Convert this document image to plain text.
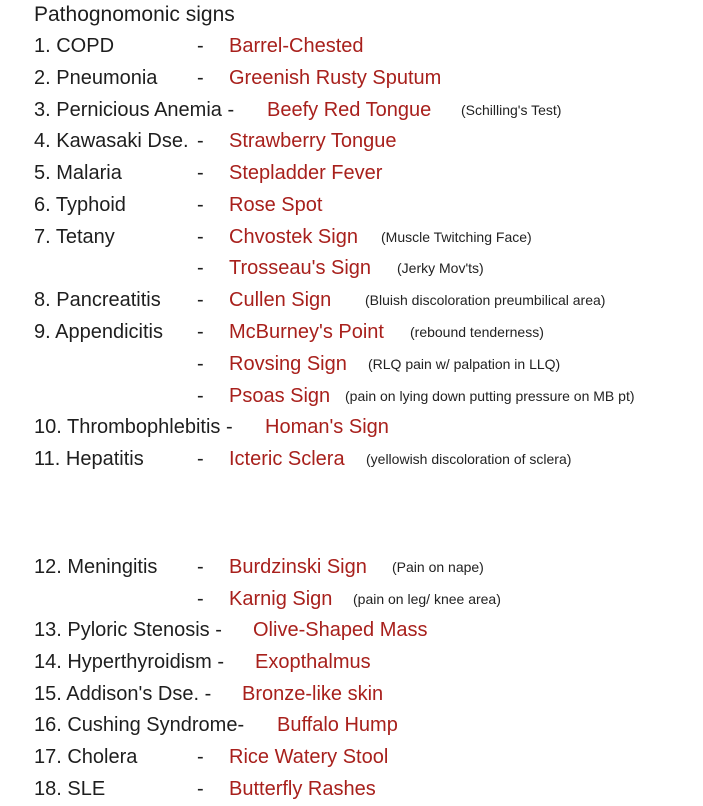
Pathognomonic signs
1. COPD	- Barrel-Chested
2. Pneumonia - Greenish Rusty Sputum
3. Pernicious Anemia - Beefy Red Tongue (Schilling's Test)
4. Kawasaki Dse. - Strawberry Tongue
5. Malaria	- Stepladder Fever
6. Typhoid	- Rose Spot
7. Tetany	- Chvostek Sign (Muscle Twitching Face)
- Trosseau's Sign (Jerky Mov'ts)
8. Pancreatitis - Cullen Sign (Bluish discoloration preumbilical area)
9. Appendicitis - McBurney's Point (rebound tenderness)
- Rovsing Sign (RLQ pain w/ palpation in LLQ)
- Psoas Sign (pain on lying down putting pressure on MB pt)
10. Thrombophlebitis - Homan's Sign
11. Hepatitis	- Icteric Sclera (yellowish discoloration of sclera)
12. Meningitis - Burdzinski Sign (Pain on nape)
- Karnig Sign (pain on leg/ knee area)
13. Pyloric Stenosis - Olive-Shaped Mass
14. Hyperthyroidism - Exopthalmus
15. Addison's Dse. - Bronze-like skin
16. Cushing Syndrome- Buffalo Hump
17. Cholera	- Rice Watery Stool
18. SLE	- Butterfly Rashes
